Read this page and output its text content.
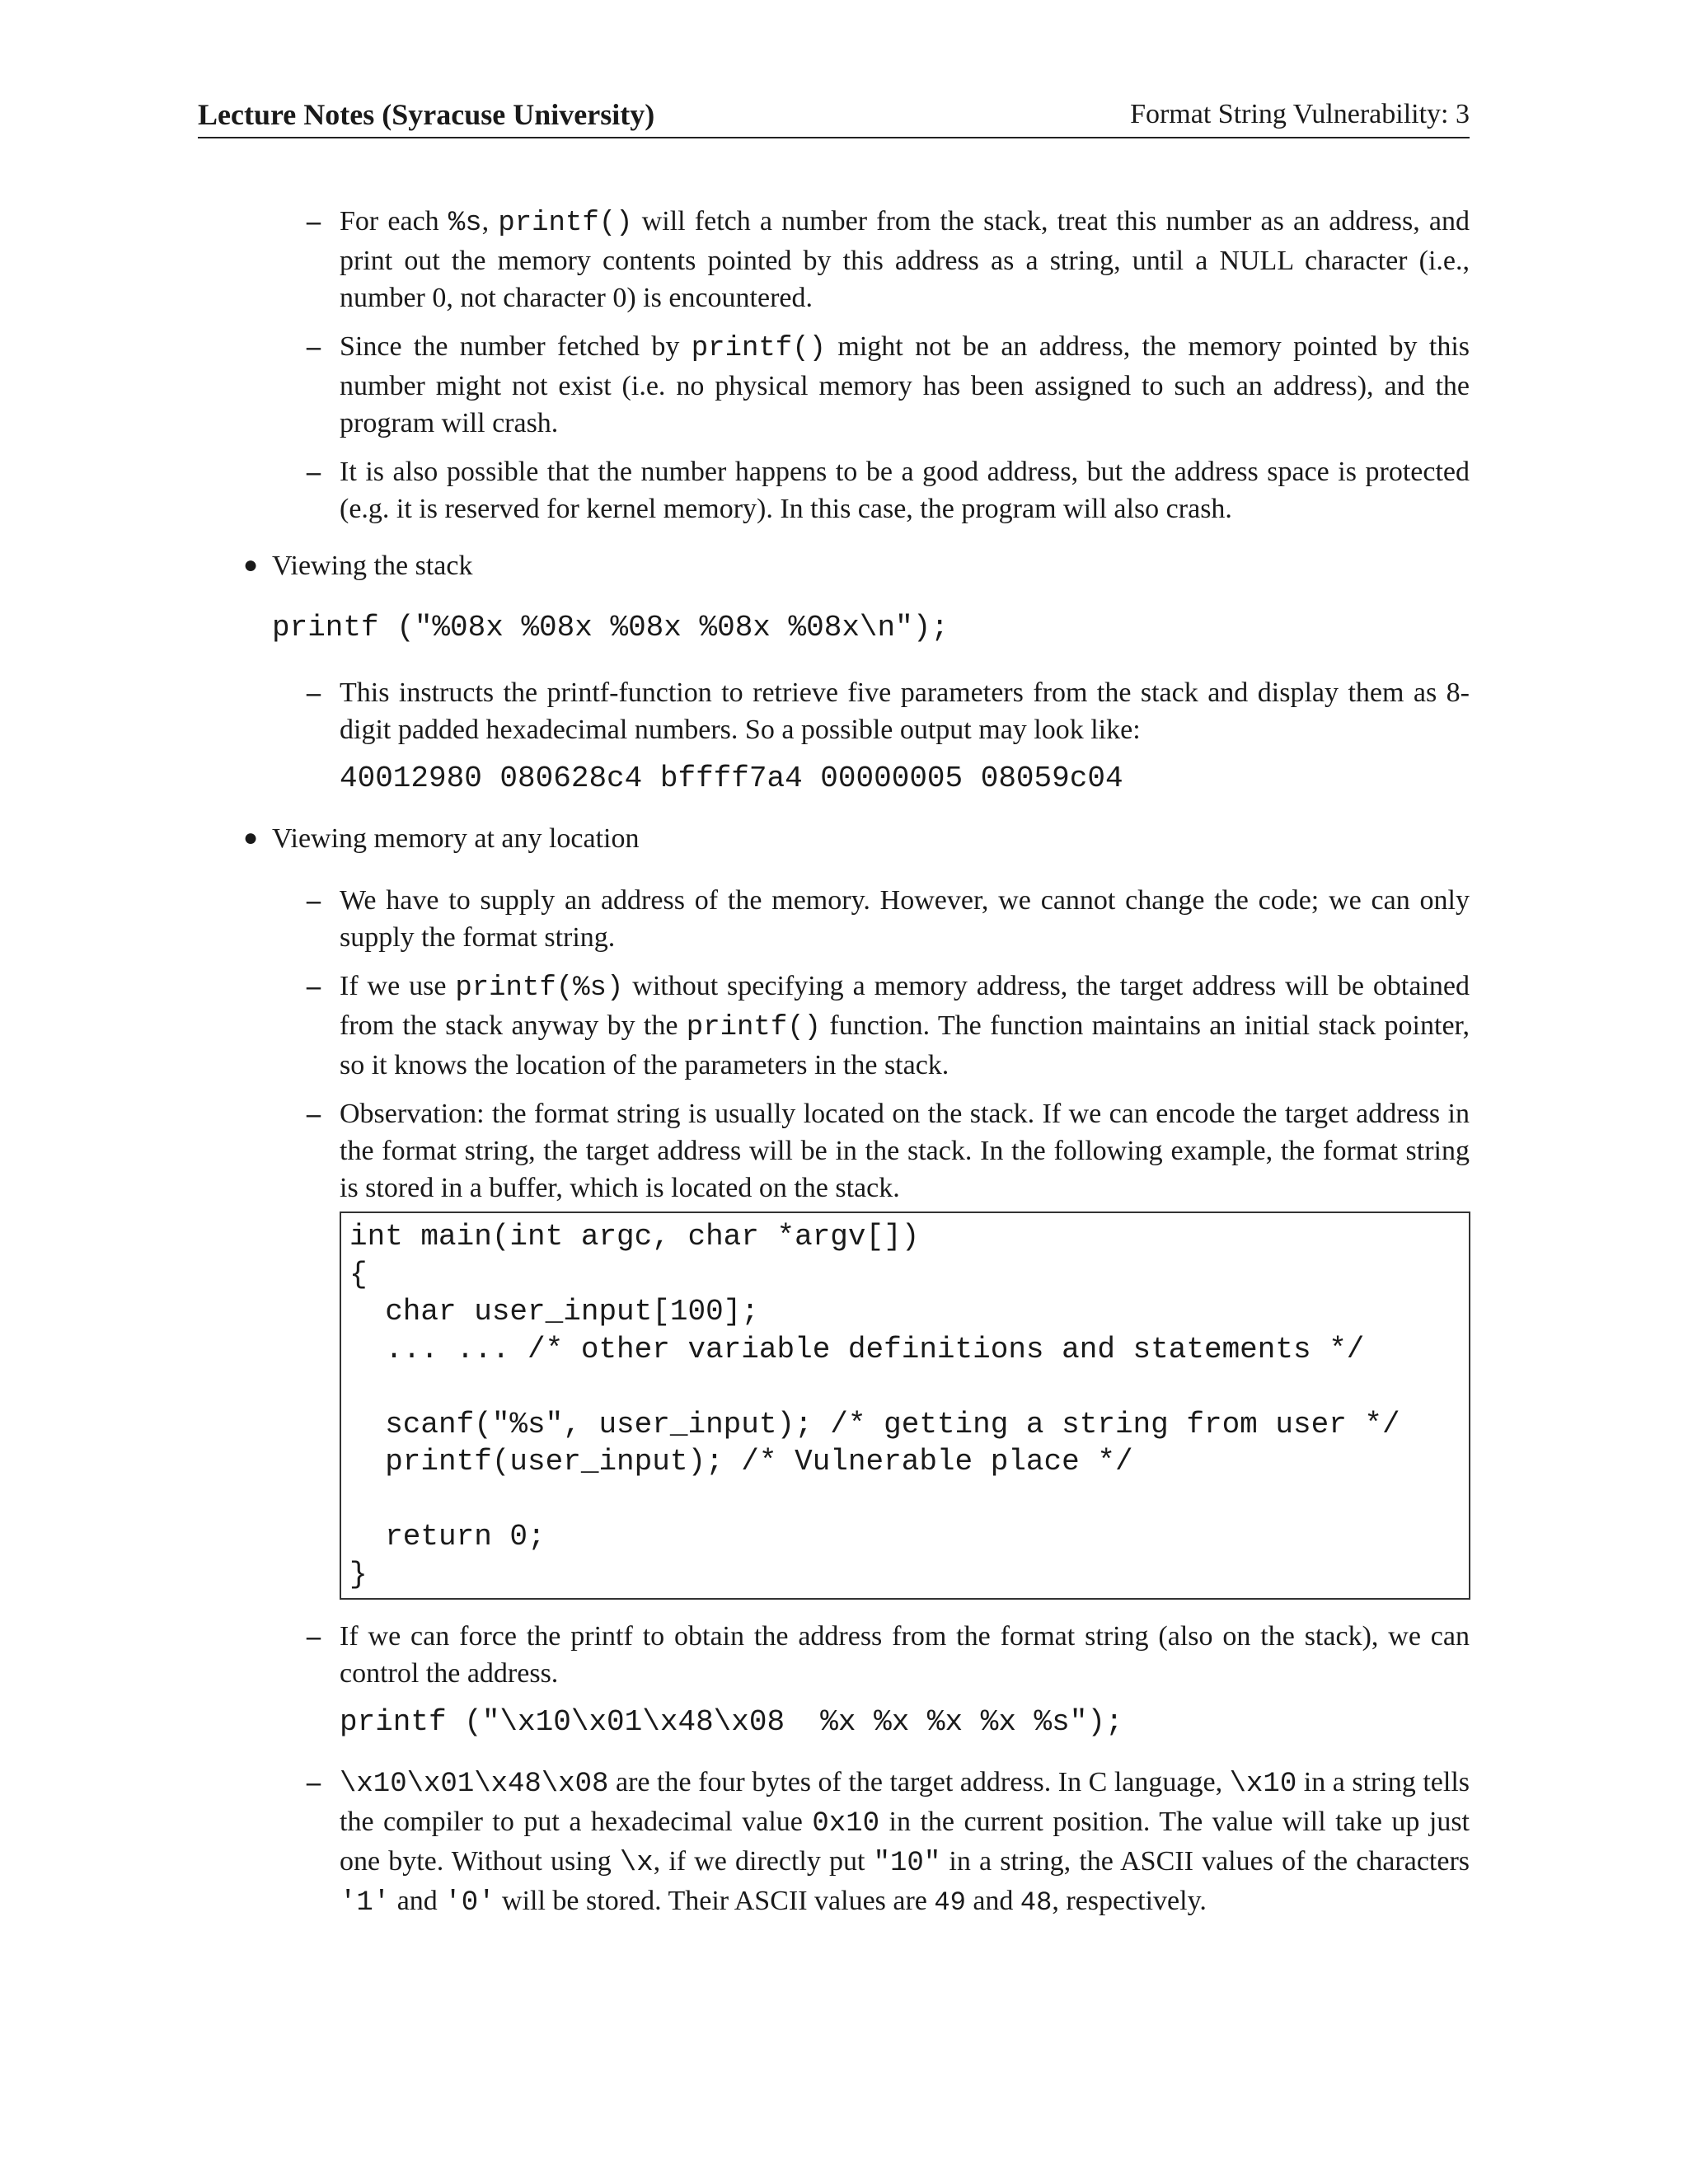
Lecture Notes (Syracuse University)	Format String Vulnerability: 3
– For each %s, printf() will fetch a number from the stack, treat this number as an address, and print out the memory contents pointed by this address as a string, until a NULL character (i.e., number 0, not character 0) is encountered.
– Since the number fetched by printf() might not be an address, the memory pointed by this number might not exist (i.e. no physical memory has been assigned to such an address), and the program will crash.
– It is also possible that the number happens to be a good address, but the address space is protected (e.g. it is reserved for kernel memory). In this case, the program will also crash.
● Viewing the stack
printf ("%08x %08x %08x %08x %08x\n");
– This instructs the printf-function to retrieve five parameters from the stack and display them as 8-digit padded hexadecimal numbers. So a possible output may look like:
40012980 080628c4 bffff7a4 00000005 08059c04
● Viewing memory at any location
– We have to supply an address of the memory. However, we cannot change the code; we can only supply the format string.
– If we use printf(%s) without specifying a memory address, the target address will be obtained from the stack anyway by the printf() function. The function maintains an initial stack pointer, so it knows the location of the parameters in the stack.
– Observation: the format string is usually located on the stack. If we can encode the target address in the format string, the target address will be in the stack. In the following example, the format string is stored in a buffer, which is located on the stack.
int main(int argc, char *argv[])
{
char user_input[100];
... ... /* other variable definitions and statements */
scanf("%s", user_input); /* getting a string from user */
printf(user_input); /* Vulnerable place */
return 0;
}
– If we can force the printf to obtain the address from the format string (also on the stack), we can control the address.
printf ("\x10\x01\x48\x08  %x %x %x %x %s");
– \x10\x01\x48\x08 are the four bytes of the target address. In C language, \x10 in a string tells the compiler to put a hexadecimal value 0x10 in the current position. The value will take up just one byte. Without using \x, if we directly put "10" in a string, the ASCII values of the characters '1' and '0' will be stored. Their ASCII values are 49 and 48, respectively.
